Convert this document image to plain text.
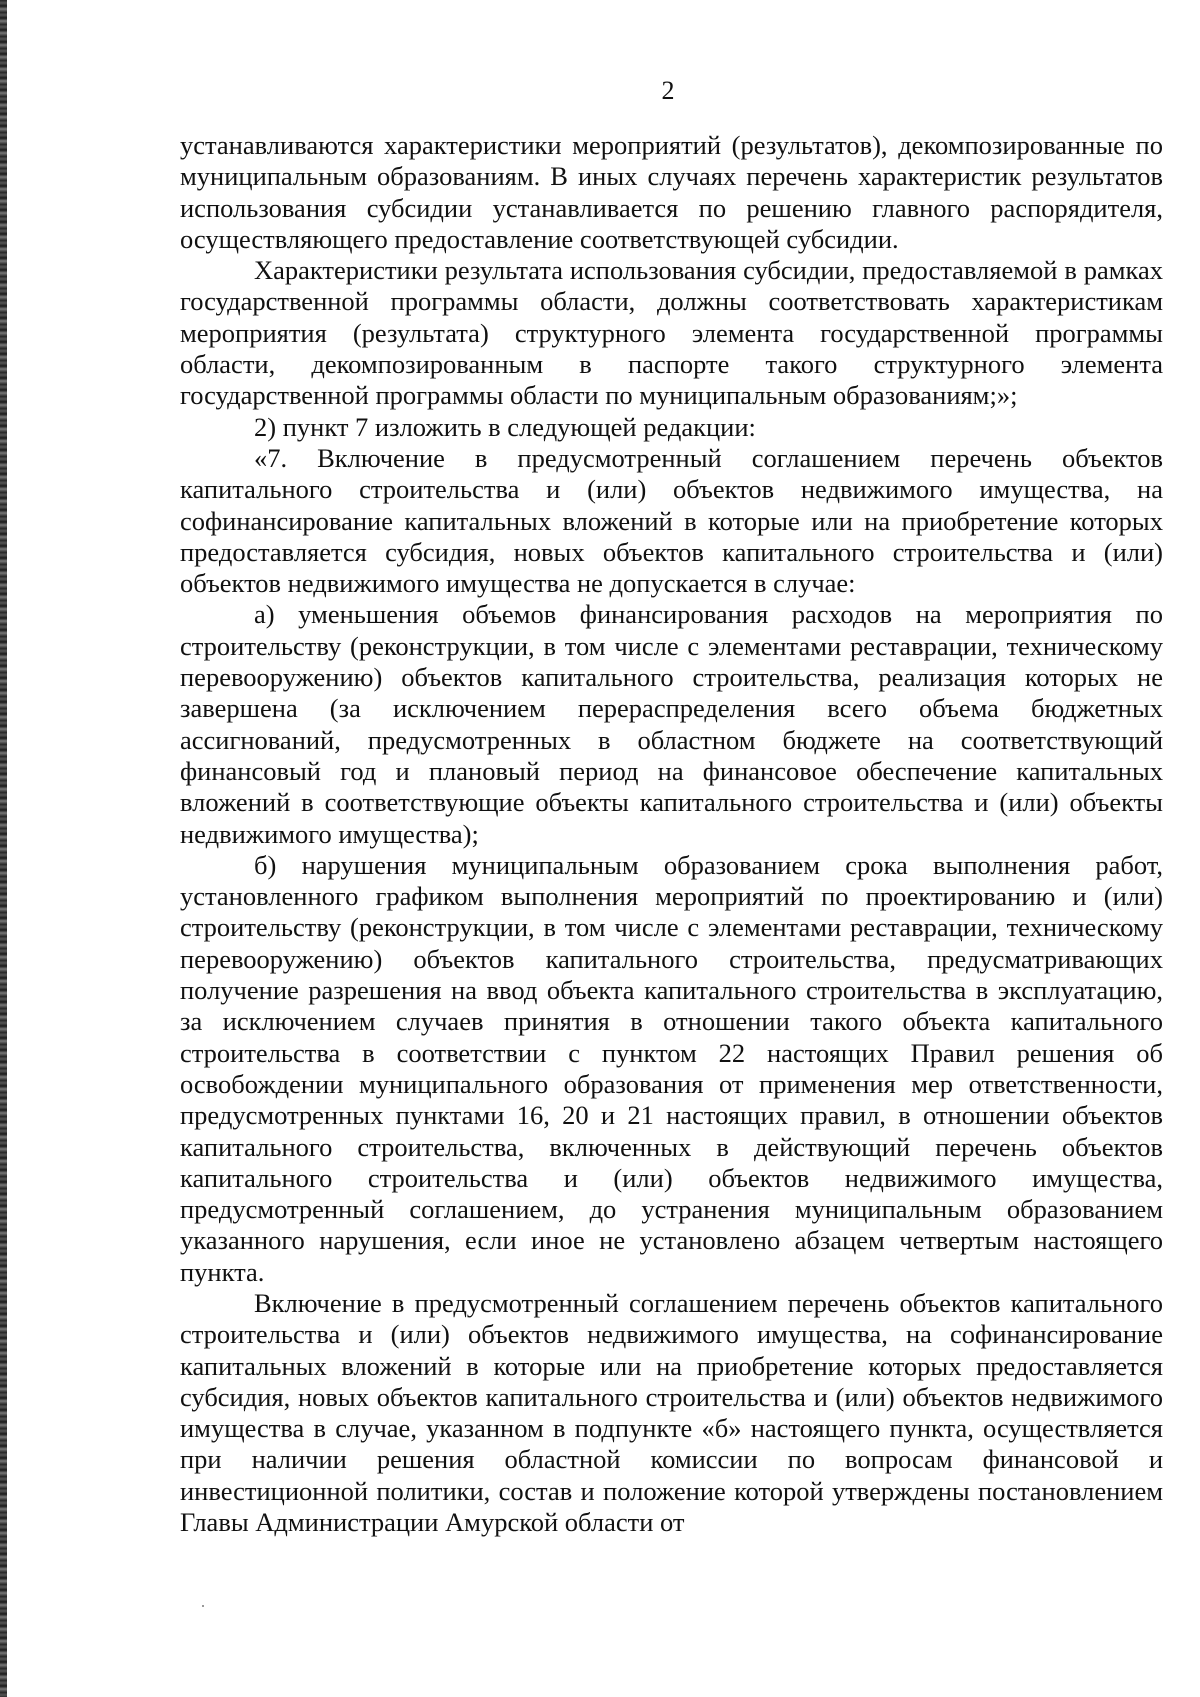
2

устанавливаются характеристики мероприятий (результатов), декомпозированные по муниципальным образованиям. В иных случаях перечень характеристик результатов использования субсидии устанавливается по решению главного распорядителя, осуществляющего предоставление соответствующей субсидии.

Характеристики результата использования субсидии, предоставляемой в рамках государственной программы области, должны соответствовать характеристикам мероприятия (результата) структурного элемента государственной программы области, декомпозированным в паспорте такого структурного элемента государственной программы области по муниципальным образованиям;»;

2) пункт 7 изложить в следующей редакции:

«7. Включение в предусмотренный соглашением перечень объектов капитального строительства и (или) объектов недвижимого имущества, на софинансирование капитальных вложений в которые или на приобретение которых предоставляется субсидия, новых объектов капитального строительства и (или) объектов недвижимого имущества не допускается в случае:

а) уменьшения объемов финансирования расходов на мероприятия по строительству (реконструкции, в том числе с элементами реставрации, техническому перевооружению) объектов капитального строительства, реализация которых не завершена (за исключением перераспределения всего объема бюджетных ассигнований, предусмотренных в областном бюджете на соответствующий финансовый год и плановый период на финансовое обеспечение капитальных вложений в соответствующие объекты капитального строительства и (или) объекты недвижимого имущества);

б) нарушения муниципальным образованием срока выполнения работ, установленного графиком выполнения мероприятий по проектированию и (или) строительству (реконструкции, в том числе с элементами реставрации, техническому перевооружению) объектов капитального строительства, предусматривающих получение разрешения на ввод объекта капитального строительства в эксплуатацию, за исключением случаев принятия в отношении такого объекта капитального строительства в соответствии с пунктом 22 настоящих Правил решения об освобождении муниципального образования от применения мер ответственности, предусмотренных пунктами 16, 20 и 21 настоящих правил, в отношении объектов капитального строительства, включенных в действующий перечень объектов капитального строительства и (или) объектов недвижимого имущества, предусмотренный соглашением, до устранения муниципальным образованием указанного нарушения, если иное не установлено абзацем четвертым настоящего пункта.

Включение в предусмотренный соглашением перечень объектов капитального строительства и (или) объектов недвижимого имущества, на софинансирование капитальных вложений в которые или на приобретение которых предоставляется субсидия, новых объектов капитального строительства и (или) объектов недвижимого имущества в случае, указанном в подпункте «б» настоящего пункта, осуществляется при наличии решения областной комиссии по вопросам финансовой и инвестиционной политики, состав и положение которой утверждены постановлением Главы Администрации Амурской области от
